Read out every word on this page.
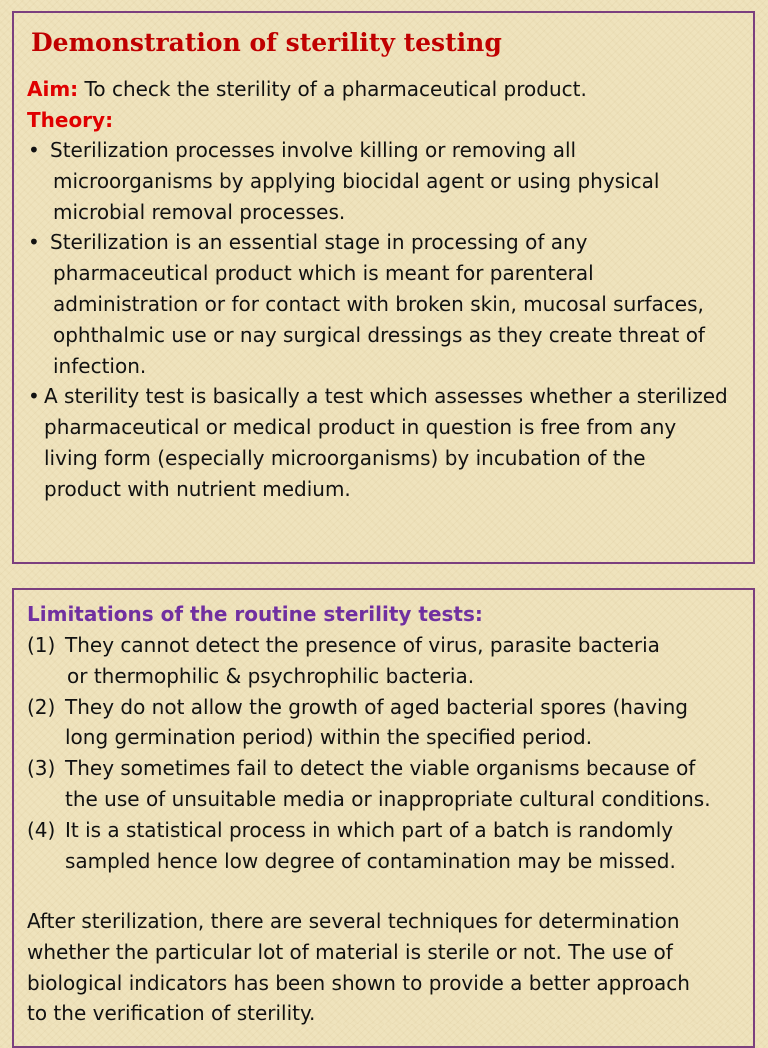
Demonstration of sterility testing
Aim: To check the sterility of a pharmaceutical product.
Theory:
• Sterilization processes involve killing or removing all
microorganisms by applying biocidal agent or using physical
microbial removal processes.
• Sterilization is an essential stage in processing of any
pharmaceutical product which is meant for parenteral
administration or for contact with broken skin, mucosal surfaces,
ophthalmic use or nay surgical dressings as they create threat of
infection.
• A sterility test is basically a test which assesses whether a sterilized
pharmaceutical or medical product in question is free from any
living form (especially microorganisms) by incubation of the
product with nutrient medium.
Limitations of the routine sterility tests:
(1) They cannot detect the presence of virus, parasite bacteria
or thermophilic & psychrophilic bacteria.
(2) They do not allow the growth of aged bacterial spores (having
long germination period) within the specified period.
(3) They sometimes fail to detect the viable organisms because of
the use of unsuitable media or inappropriate cultural conditions.
(4) It is a statistical process in which part of a batch is randomly
sampled hence low degree of contamination may be missed.
After sterilization, there are several techniques for determination
whether the particular lot of material is sterile or not. The use of
biological indicators has been shown to provide a better approach
to the verification of sterility.
